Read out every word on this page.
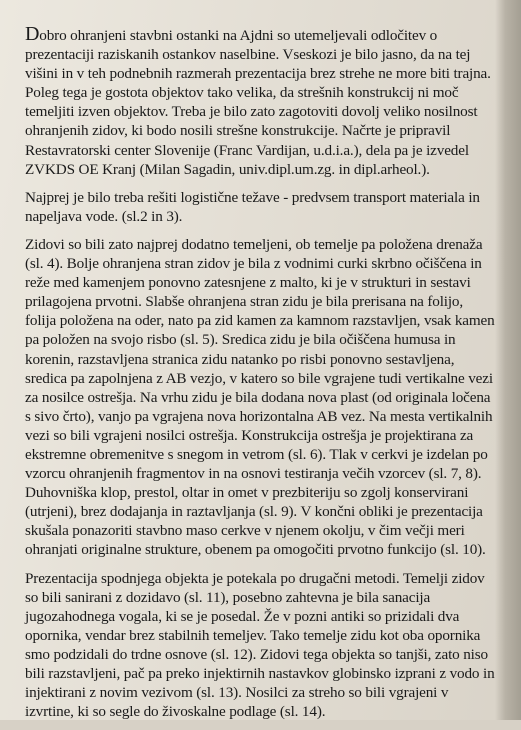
Dobro ohranjeni stavbni ostanki na Ajdni so utemeljevali odločitev o prezentaciji raziskanih ostankov naselbine. Vseskozi je bilo jasno, da na tej višini in v teh podnebnih razmerah prezentacija brez strehe ne more biti trajna. Poleg tega je gostota objektov tako velika, da strešnih konstrukcij ni moč temeljiti izven objektov. Treba je bilo zato zagotoviti dovolj veliko nosilnost ohranjenih zidov, ki bodo nosili strešne konstrukcije. Načrte je pripravil Restavratorski center Slovenije (Franc Vardijan, u.d.i.a.), dela pa je izvedel ZVKDS OE Kranj (Milan Sagadin, univ.dipl.um.zg. in dipl.arheol.).

Najprej je bilo treba rešiti logistične težave - predvsem transport materiala in napeljava vode. (sl.2 in 3).

Zidovi so bili zato najprej dodatno temeljeni, ob temelje pa položena drenaža (sl. 4). Bolje ohranjena stran zidov je bila z vodnimi curki skrbno očiščena in reže med kamenjem ponovno zatesnjene z malto, ki je v strukturi in sestavi prilagojena prvotni. Slabše ohranjena stran zidu je bila prerisana na folijo, folija položena na oder, nato pa zid kamen za kamnom razstavljen, vsak kamen pa položen na svojo risbo (sl. 5). Sredica zidu je bila očiščena humusa in korenin, razstavljena stranica zidu natanko po risbi ponovno sestavljena, sredica pa zapolnjena z AB vezjo, v katero so bile vgrajene tudi vertikalne vezi za nosilce ostrešja. Na vrhu zidu je bila dodana nova plast (od originala ločena s sivo črto), vanjo pa vgrajena nova horizontalna AB vez. Na mesta vertikalnih vezi so bili vgrajeni nosilci ostrešja. Konstrukcija ostrešja je projektirana za ekstremne obremenitve s snegom in vetrom (sl. 6). Tlak v cerkvi je izdelan po vzorcu ohranjenih fragmentov in na osnovi testiranja večih vzorcev (sl. 7, 8). Duhovniška klop, prestol, oltar in omet v prezbiteriju so zgolj konservirani (utrjeni), brez dodajanja in raztavljanja (sl. 9). V končni obliki je prezentacija skušala ponazoriti stavbno maso cerkve v njenem okolju, v čim večji meri ohranjati originalne strukture, obenem pa omogočiti prvotno funkcijo (sl. 10).

Prezentacija spodnjega objekta je potekala po drugačni metodi. Temelji zidov so bili sanirani z dozidavo (sl. 11), posebno zahtevna je bila sanacija jugozahodnega vogala, ki se je posedal. Že v pozni antiki so prizidali dva opornika, vendar brez stabilnih temeljev. Tako temelje zidu kot oba opornika smo podzidali do trdne osnove (sl. 12). Zidovi tega objekta so tanjši, zato niso bili razstavljeni, pač pa preko injektirnih nastavkov globinsko izprani z vodo in injektirani z novim vezivom (sl. 13). Nosilci za streho so bili vgrajeni v izvrtine, ki so segle do živoskalne podlage (sl. 14).
